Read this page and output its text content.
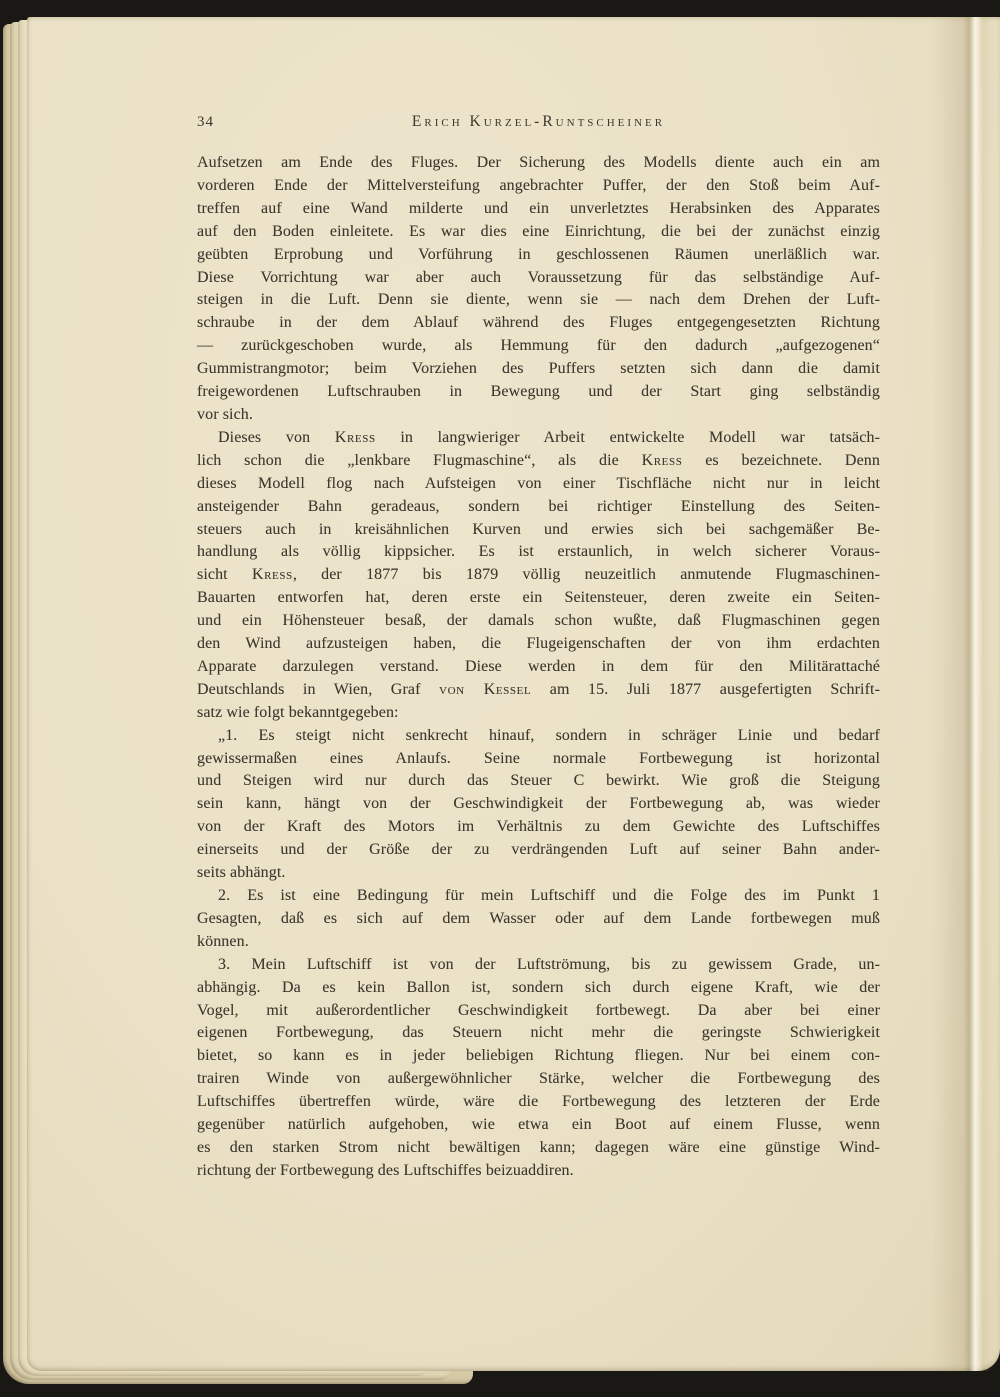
34	Erich Kurzel-Runtscheiner
Aufsetzen am Ende des Fluges. Der Sicherung des Modells diente auch ein am
vorderen Ende der Mittelversteifung angebrachter Puffer, der den Stoß beim Auf-
treffen auf eine Wand milderte und ein unverletztes Herabsinken des Apparates
auf den Boden einleitete. Es war dies eine Einrichtung, die bei der zunächst einzig
geübten Erprobung und Vorführung in geschlossenen Räumen unerläßlich war.
Diese Vorrichtung war aber auch Voraussetzung für das selbständige Auf-
steigen in die Luft. Denn sie diente, wenn sie — nach dem Drehen der Luft-
schraube in der dem Ablauf während des Fluges entgegengesetzten Richtung
— zurückgeschoben wurde, als Hemmung für den dadurch „aufgezogenen“
Gummistrangmotor; beim Vorziehen des Puffers setzten sich dann die damit
freigewordenen Luftschrauben in Bewegung und der Start ging selbständig
vor sich.
Dieses von Kress in langwieriger Arbeit entwickelte Modell war tatsäch-
lich schon die „lenkbare Flugmaschine“, als die Kress es bezeichnete. Denn
dieses Modell flog nach Aufsteigen von einer Tischfläche nicht nur in leicht
ansteigender Bahn geradeaus, sondern bei richtiger Einstellung des Seiten-
steuers auch in kreisähnlichen Kurven und erwies sich bei sachgemäßer Be-
handlung als völlig kippsicher. Es ist erstaunlich, in welch sicherer Voraus-
sicht Kress, der 1877 bis 1879 völlig neuzeitlich anmutende Flugmaschinen-
Bauarten entworfen hat, deren erste ein Seitensteuer, deren zweite ein Seiten-
und ein Höhensteuer besaß, der damals schon wußte, daß Flugmaschinen gegen
den Wind aufzusteigen haben, die Flugeigenschaften der von ihm erdachten
Apparate darzulegen verstand. Diese werden in dem für den Militärattaché
Deutschlands in Wien, Graf von Kessel am 15. Juli 1877 ausgefertigten Schrift-
satz wie folgt bekanntgegeben:
„1. Es steigt nicht senkrecht hinauf, sondern in schräger Linie und bedarf
gewissermaßen eines Anlaufs. Seine normale Fortbewegung ist horizontal
und Steigen wird nur durch das Steuer C bewirkt. Wie groß die Steigung
sein kann, hängt von der Geschwindigkeit der Fortbewegung ab, was wieder
von der Kraft des Motors im Verhältnis zu dem Gewichte des Luftschiffes
einerseits und der Größe der zu verdrängenden Luft auf seiner Bahn ander-
seits abhängt.
2. Es ist eine Bedingung für mein Luftschiff und die Folge des im Punkt 1
Gesagten, daß es sich auf dem Wasser oder auf dem Lande fortbewegen muß
können.
3. Mein Luftschiff ist von der Luftströmung, bis zu gewissem Grade, un-
abhängig. Da es kein Ballon ist, sondern sich durch eigene Kraft, wie der
Vogel, mit außerordentlicher Geschwindigkeit fortbewegt. Da aber bei einer
eigenen Fortbewegung, das Steuern nicht mehr die geringste Schwierigkeit
bietet, so kann es in jeder beliebigen Richtung fliegen. Nur bei einem con-
trairen Winde von außergewöhnlicher Stärke, welcher die Fortbewegung des
Luftschiffes übertreffen würde, wäre die Fortbewegung des letzteren der Erde
gegenüber natürlich aufgehoben, wie etwa ein Boot auf einem Flusse, wenn
es den starken Strom nicht bewältigen kann; dagegen wäre eine günstige Wind-
richtung der Fortbewegung des Luftschiffes beizuaddiren.
